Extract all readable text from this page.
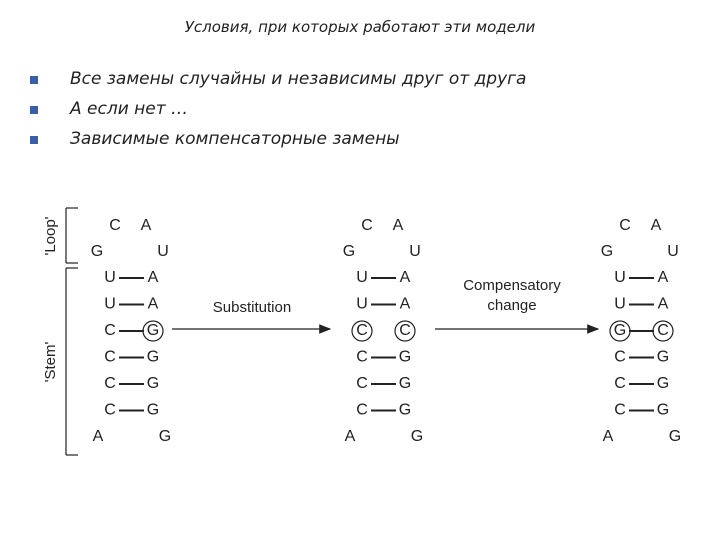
Условия, при которых работают эти модели
Все замены случайны и независимы друг от друга
А если нет …
Зависимые компенсаторные замены
'Loop'
'Stem'
Substitution
Compensatory
change
C A
G	U
U A
U A
C G
C G
C G
C G
A	G
C A
G	U
U A
U A
C C
C G
C G
C G
A	G
C A
G	U
U A
U A
G C
C G
C G
C G
A	G
